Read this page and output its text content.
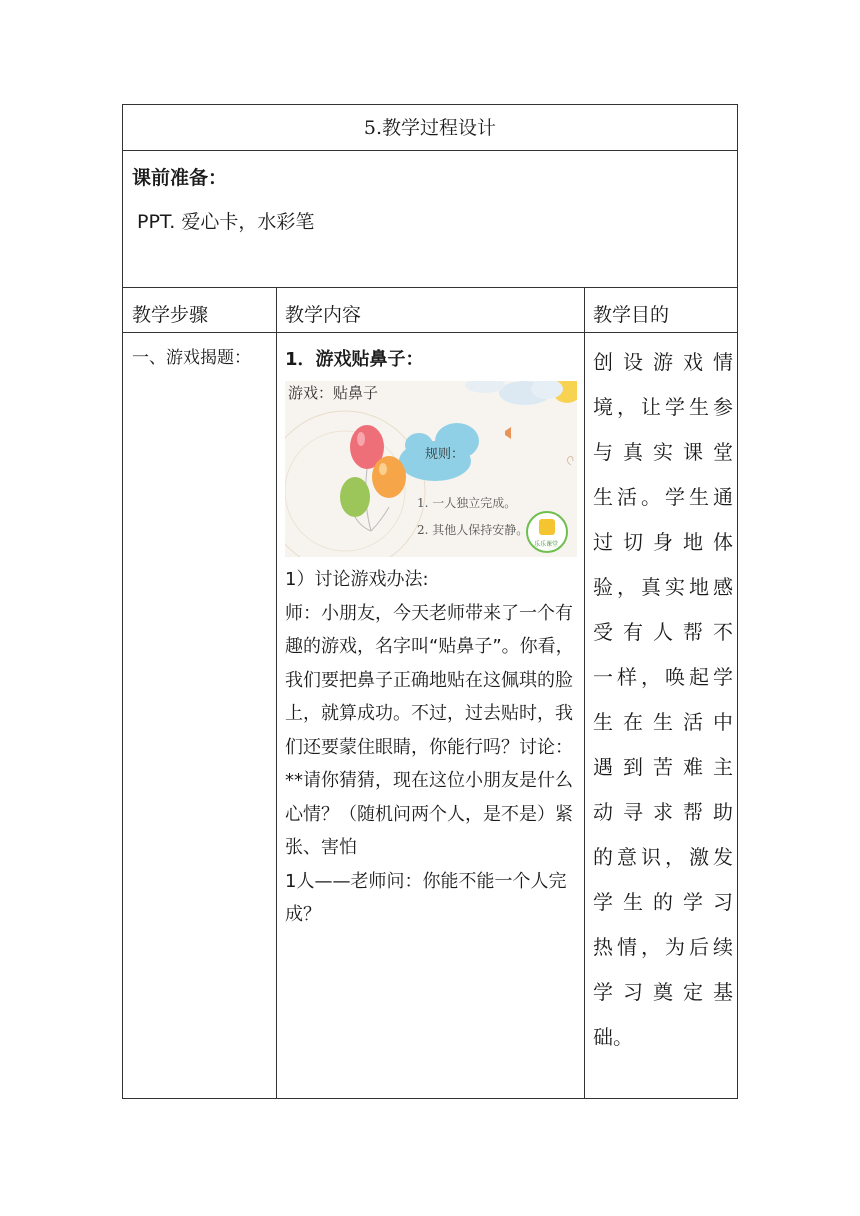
5.教学过程设计
课前准备：
PPT. 爱心卡，水彩笔
教学步骤	教学内容	教学目的
一、游戏揭题： 1．游戏贴鼻子：

游戏：贴鼻子
规则：
1. 一人独立完成。
2. 其他人保持安静。
乐乐课堂

1）讨论游戏办法:

师：小朋友，今天老师带来了一个有趣的游戏，名字叫“贴鼻子”。你看，我们要把鼻子正确地贴在这佩琪的脸上，就算成功。不过，过去贴时，我们还要蒙住眼睛，你能行吗？讨论：

**请你猜猜，现在这位小朋友是什么心情？（随机问两个人，是不是）紧张、害怕

1人——老师问：你能不能一个人完成？

创设游戏情
境，让学生参
与真实课堂
生活。学生通
过切身地体
验，真实地感
受有人帮不
一样，唤起学
生在生活中
遇到苦难主
动寻求帮助
的意识，激发
学生的学习
热情，为后续
学习奠定基
础。
